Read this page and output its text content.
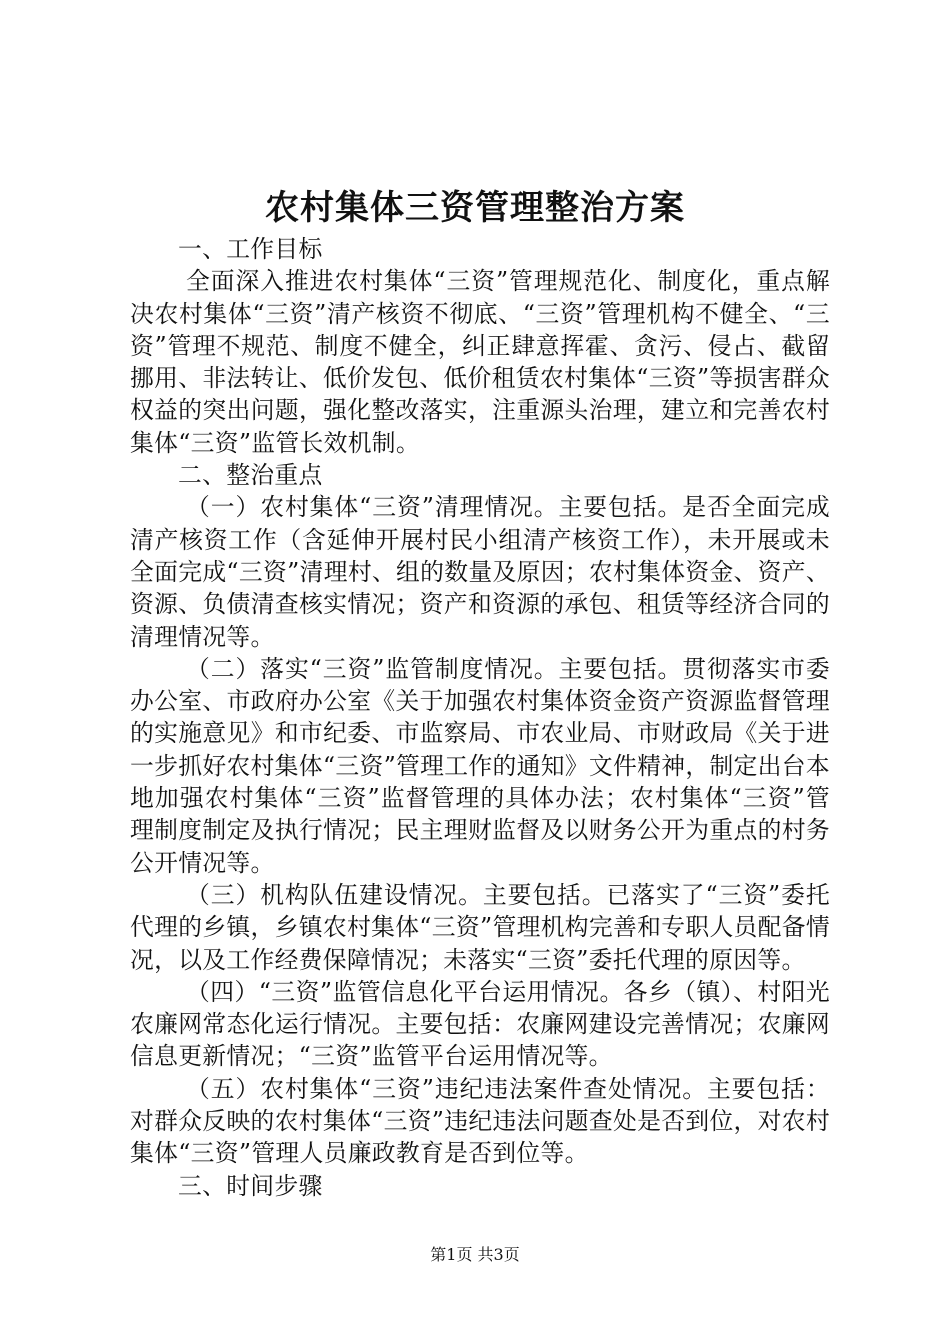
农村集体三资管理整治方案

一、工作目标

全面深入推进农村集体“三资”管理规范化、制度化，重点解决农村集体“三资”清产核资不彻底、“三资”管理机构不健全、“三资”管理不规范、制度不健全，纠正肆意挥霍、贪污、侵占、截留挪用、非法转让、低价发包、低价租赁农村集体“三资”等损害群众权益的突出问题，强化整改落实，注重源头治理，建立和完善农村集体“三资”监管长效机制。

二、整治重点

（一）农村集体“三资”清理情况。主要包括。是否全面完成清产核资工作（含延伸开展村民小组清产核资工作），未开展或未全面完成“三资”清理村、组的数量及原因；农村集体资金、资产、资源、负债清查核实情况；资产和资源的承包、租赁等经济合同的清理情况等。

（二）落实“三资”监管制度情况。主要包括。贯彻落实市委办公室、市政府办公室《关于加强农村集体资金资产资源监督管理的实施意见》和市纪委、市监察局、市农业局、市财政局《关于进一步抓好农村集体“三资”管理工作的通知》文件精神，制定出台本地加强农村集体“三资”监督管理的具体办法；农村集体“三资”管理制度制定及执行情况；民主理财监督及以财务公开为重点的村务公开情况等。

（三）机构队伍建设情况。主要包括。已落实了“三资”委托代理的乡镇，乡镇农村集体“三资”管理机构完善和专职人员配备情况，以及工作经费保障情况；未落实“三资”委托代理的原因等。

（四）“三资”监管信息化平台运用情况。各乡（镇）、村阳光农廉网常态化运行情况。主要包括：农廉网建设完善情况；农廉网信息更新情况；“三资”监管平台运用情况等。

（五）农村集体“三资”违纪违法案件查处情况。主要包括：对群众反映的农村集体“三资”违纪违法问题查处是否到位，对农村集体“三资”管理人员廉政教育是否到位等。

三、时间步骤

第1页 共3页
